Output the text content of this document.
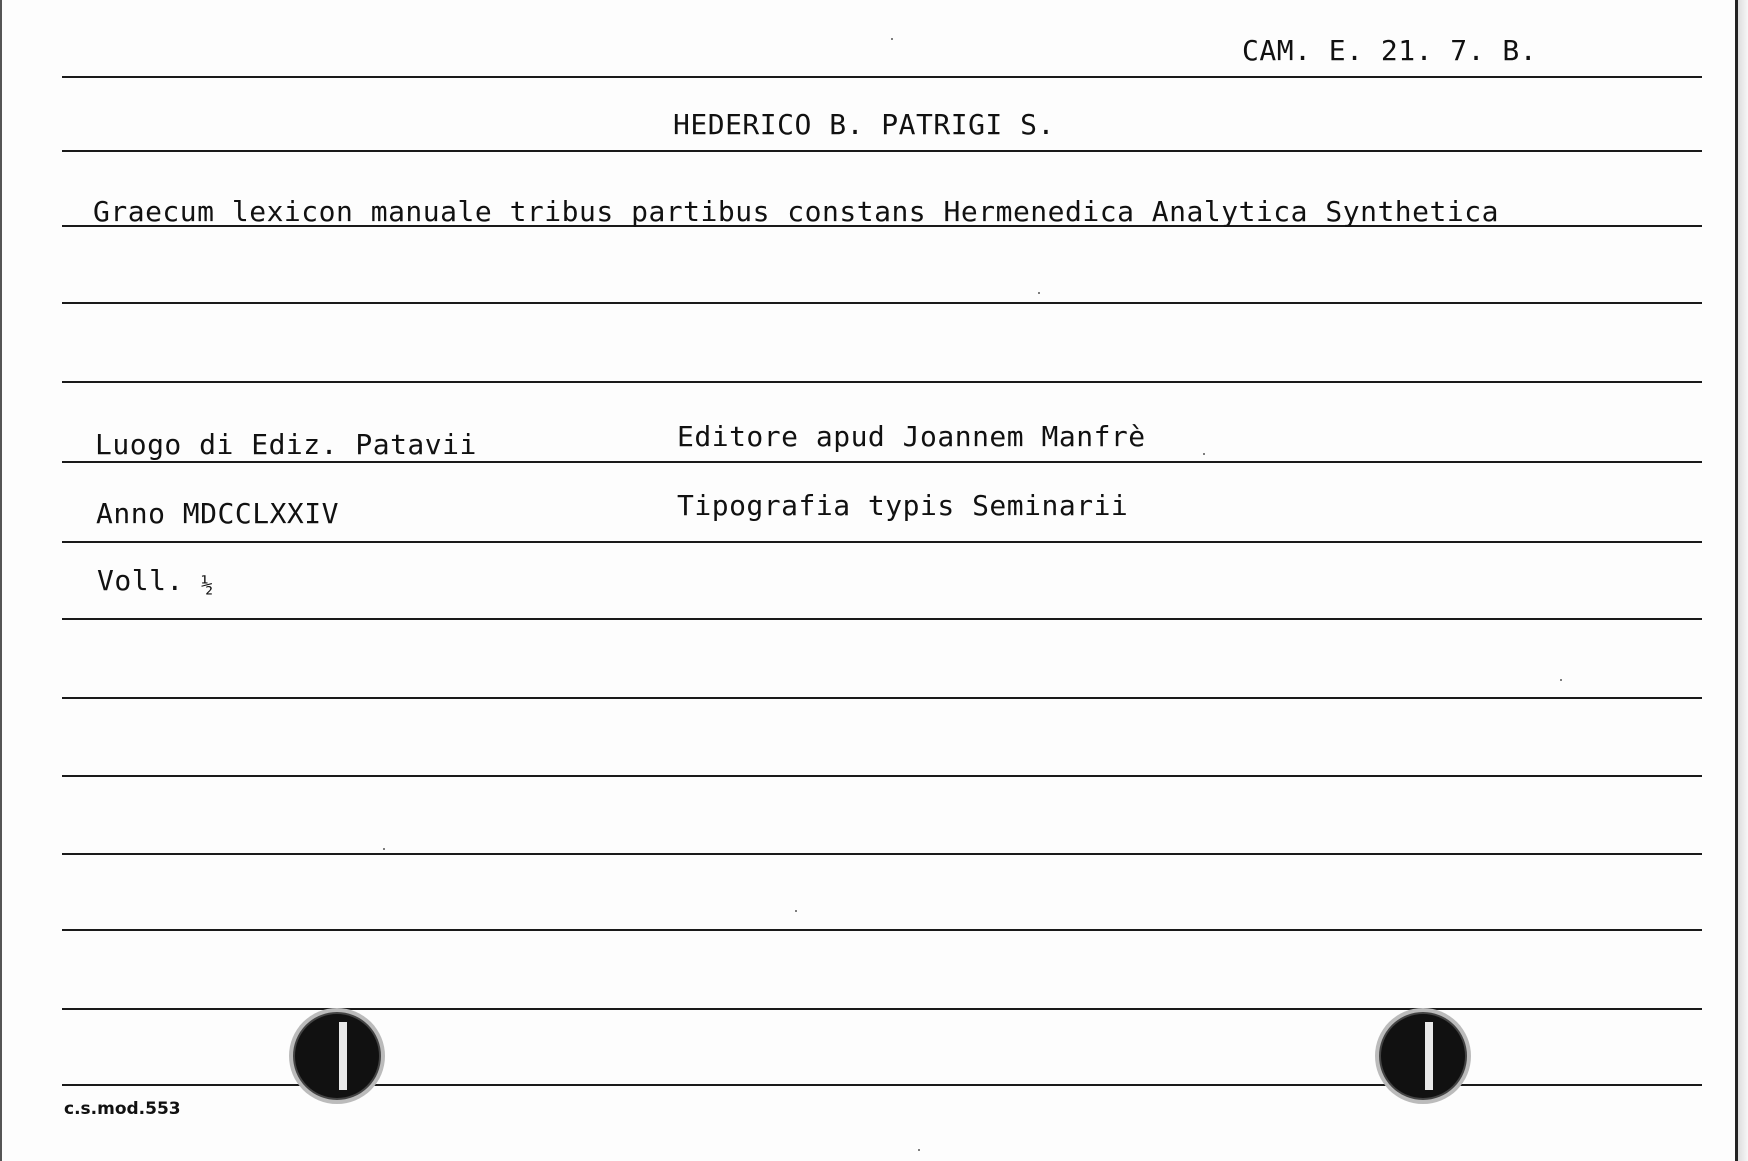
CAM. E. 21. 7. B.
HEDERICO B. PATRIGI S.
Graecum lexicon manuale tribus partibus constans Hermenedica Analytica Synthetica
Luogo di Ediz. Patavii	Editore apud Joannem Manfrè
Anno MDCCLXXIV	Tipografia typis Seminarii
Voll. ½
c.s.mod.553
